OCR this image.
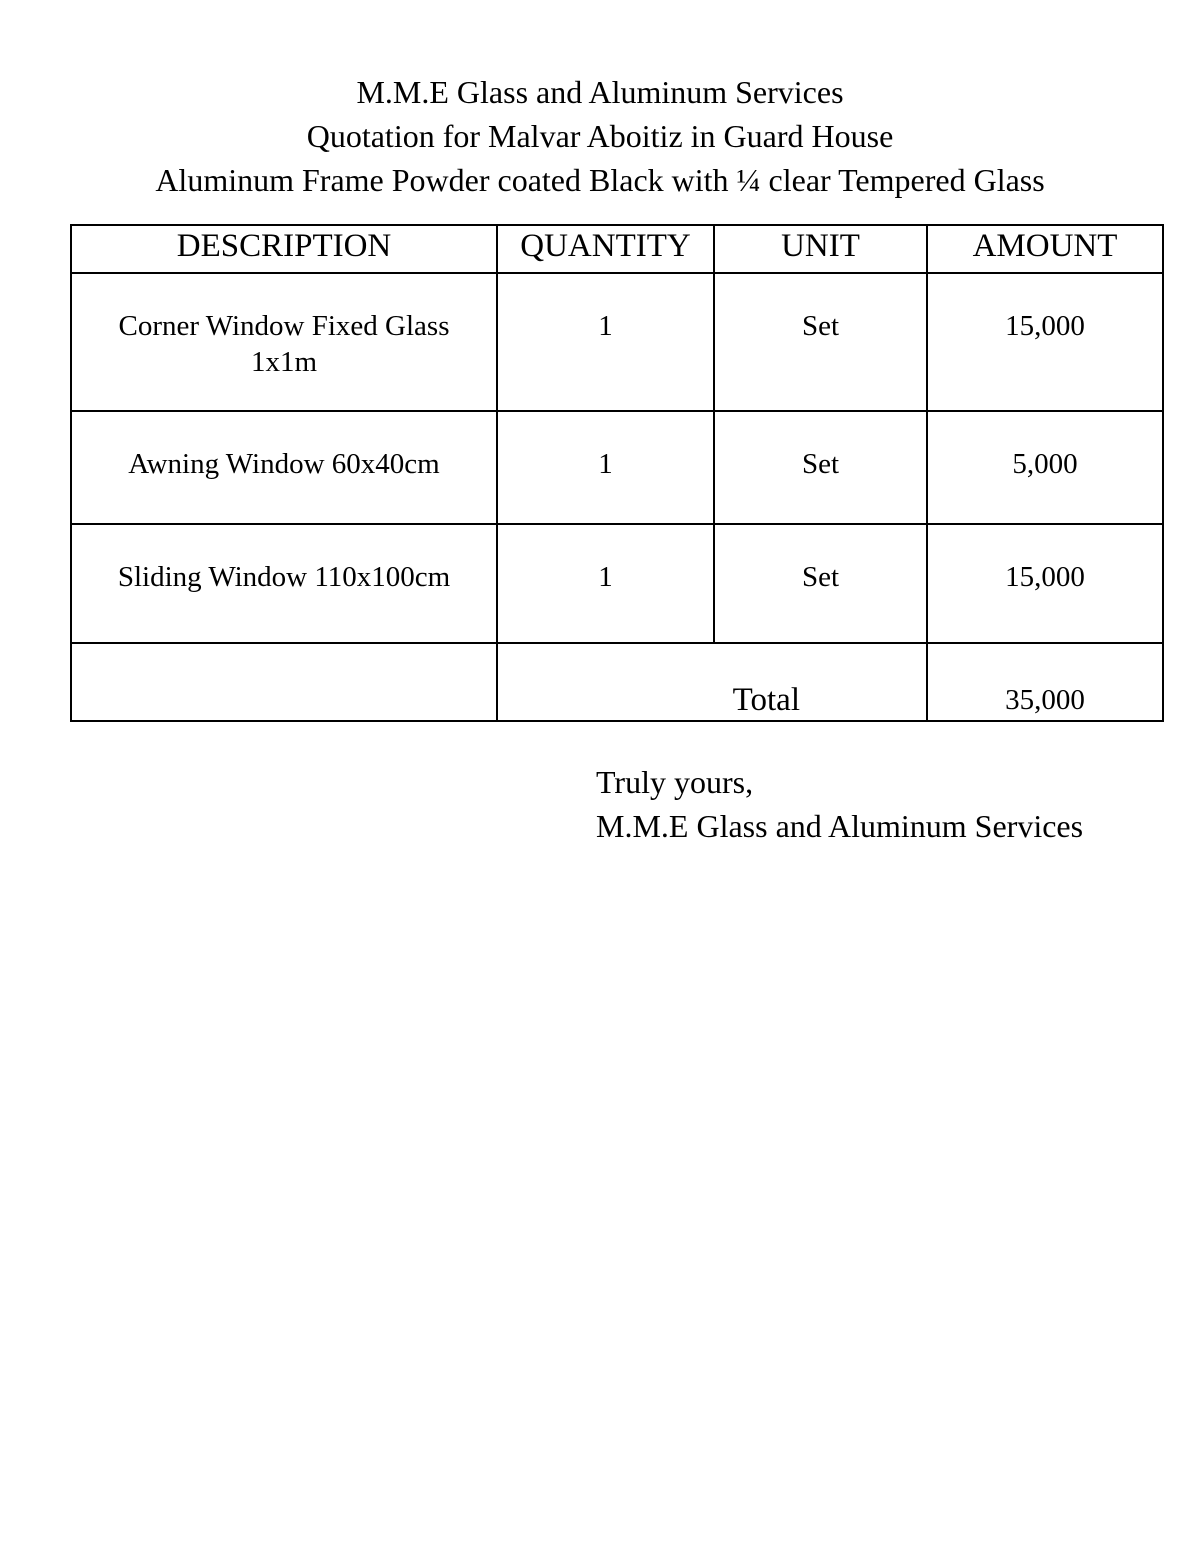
M.M.E Glass and Aluminum Services
Quotation for Malvar Aboitiz in Guard House
Aluminum Frame Powder coated Black with ¼ clear Tempered Glass
DESCRIPTION	QUANTITY	UNIT	AMOUNT

Corner Window Fixed Glass 1x1m	1	Set	15,000

Awning Window 60x40cm	1	Set	5,000

Sliding Window 110x100cm	1	Set	15,000

	Total		35,000
Truly yours,
M.M.E Glass and Aluminum Services
